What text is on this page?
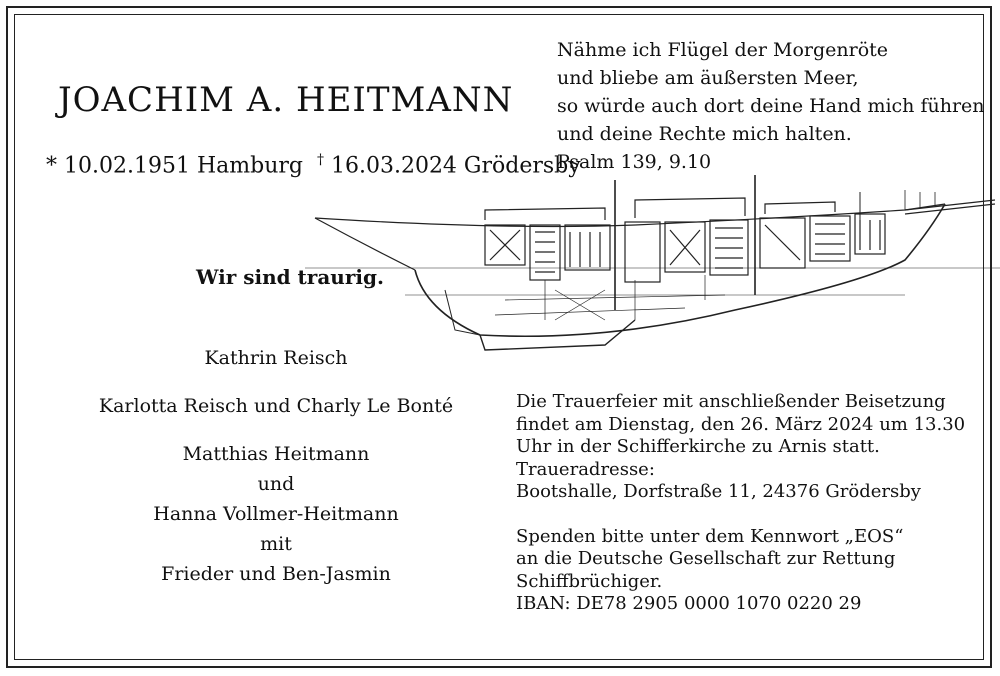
JOACHIM A. HEITMANN
* 10.02.1951 Hamburg † 16.03.2024 Grödersby
Nähme ich Flügel der Morgenröte
und bliebe am äußersten Meer,
so würde auch dort deine Hand mich führen
und deine Rechte mich halten.
Psalm 139, 9.10
Wir sind traurig.
Kathrin Reisch
Karlotta Reisch und Charly Le Bonté
Matthias Heitmann
und
Hanna Vollmer-Heitmann
mit
Frieder und Ben-Jasmin
Die Trauerfeier mit anschließender Beisetzung
findet am Dienstag, den 26. März 2024 um 13.30
Uhr in der Schifferkirche zu Arnis statt.
Traueradresse:
Bootshalle, Dorfstraße 11, 24376 Grödersby
Spenden bitte unter dem Kennwort „EOS“
an die Deutsche Gesellschaft zur Rettung
Schiffbrüchiger.
IBAN: DE78 2905 0000 1070 0220 29
